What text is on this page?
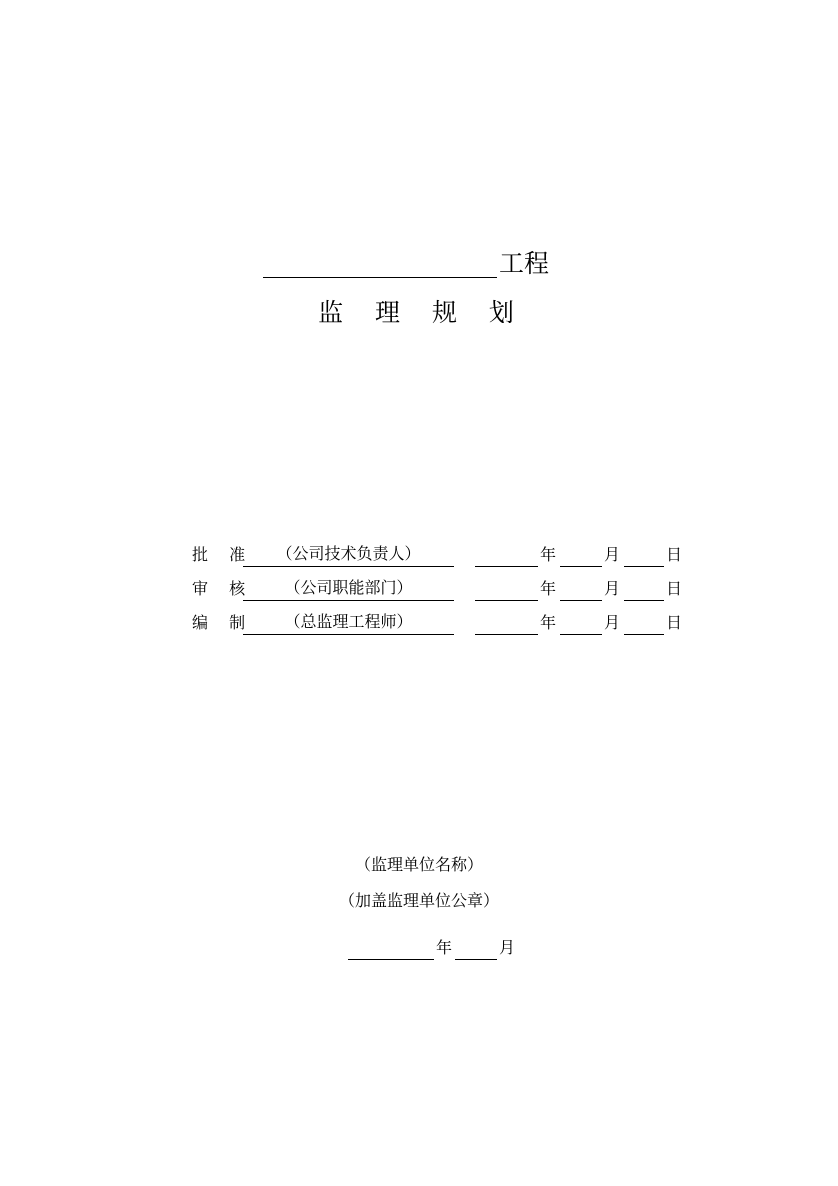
工程
监 理 规 划
批 准	（公司技术负责人）	年	月	日
审 核	（公司职能部门）	年	月	日
编 制	（总监理工程师）	年	月	日
（监理单位名称）
（加盖监理单位公章）
年	月
